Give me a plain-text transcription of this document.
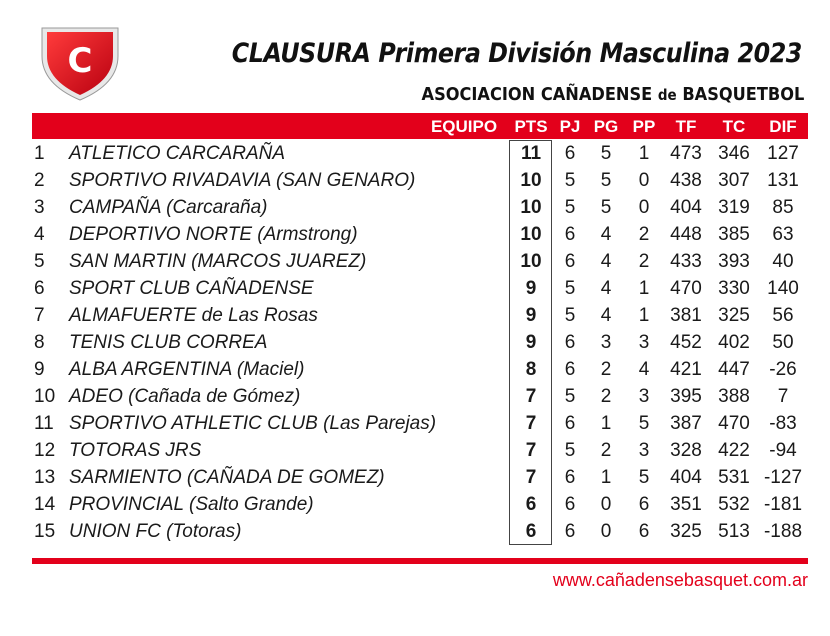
C	CLAUSURA Primera División Masculina 2023
ASOCIACION CAÑADENSE de BASQUETBOL
EQUIPO	PTS PJ PG PP	TF	TC	DIF
1	ATLETICO CARCARAÑA	11	6	5	1	473 346 127
2	SPORTIVO RIVADAVIA (SAN GENARO)	10	5	5	0	438 307 131
3	CAMPAÑA (Carcaraña)	10	5	5	0	404 319	85
4	DEPORTIVO NORTE (Armstrong)	10	6	4	2	448 385	63
5	SAN MARTIN (MARCOS JUAREZ)	10	6	4	2	433 393	40
6	SPORT CLUB CAÑADENSE	9	5	4	1	470 330 140
7	ALMAFUERTE de Las Rosas	9	5	4	1	381 325	56
8	TENIS CLUB CORREA	9	6	3	3	452 402	50
9	ALBA ARGENTINA (Maciel)	8	6	2	4	421 447	-26
10 ADEO (Cañada de Gómez)	7	5	2	3	395 388	7
11 SPORTIVO ATHLETIC CLUB (Las Parejas)	7	6	1	5	387 470	-83
12 TOTORAS JRS	7	5	2	3	328 422	-94
13 SARMIENTO (CAÑADA DE GOMEZ)	7	6	1	5	404 531 -127
14 PROVINCIAL (Salto Grande)	6	6	0	6	351 532 -181
15 UNION FC (Totoras)	6	6	0	6	325 513 -188
www.cañadensebasquet.com.ar
